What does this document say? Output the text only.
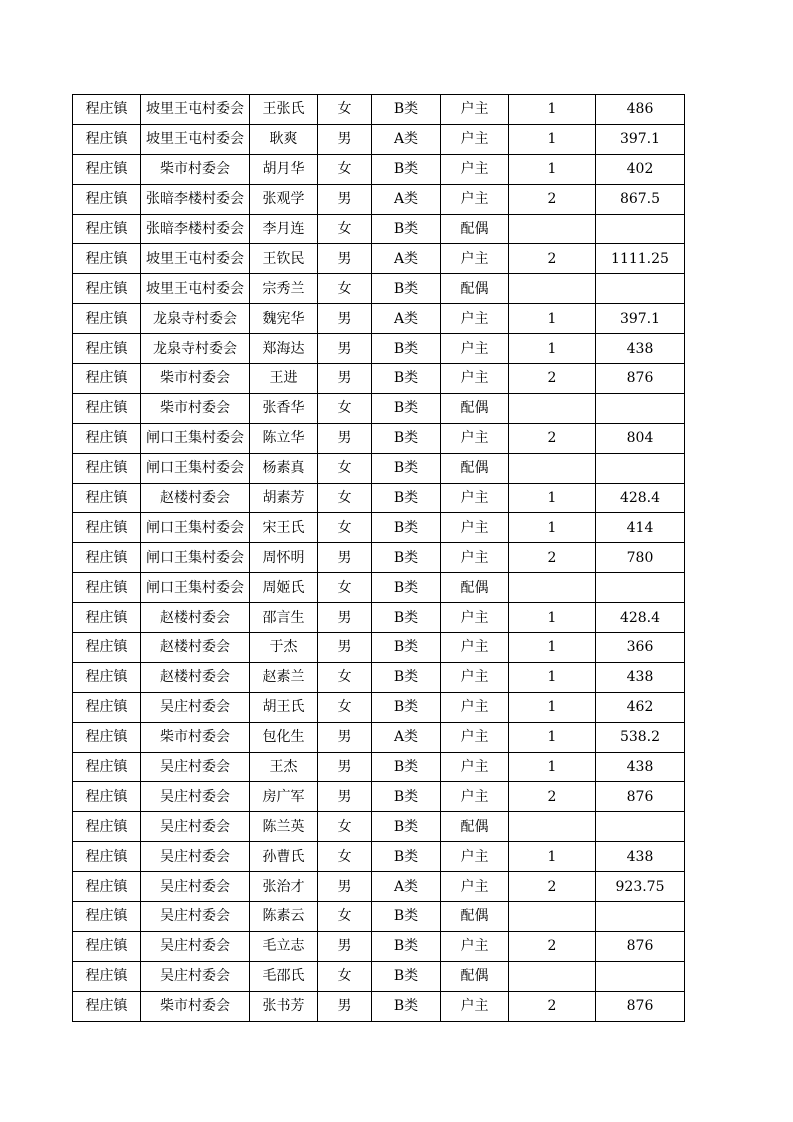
程庄镇	坡里王屯村委会	王张氏	女	B类	户主	1	486
程庄镇	坡里王屯村委会	耿爽	男	A类	户主	1	397.1
程庄镇	柴市村委会	胡月华	女	B类	户主	1	402
程庄镇	张暗李楼村委会	张观学	男	A类	户主	2	867.5
程庄镇	张暗李楼村委会	李月连	女	B类	配偶		
程庄镇	坡里王屯村委会	王钦民	男	A类	户主	2	1111.25
程庄镇	坡里王屯村委会	宗秀兰	女	B类	配偶		
程庄镇	龙泉寺村委会	魏宪华	男	A类	户主	1	397.1
程庄镇	龙泉寺村委会	郑海达	男	B类	户主	1	438
程庄镇	柴市村委会	王进	男	B类	户主	2	876
程庄镇	柴市村委会	张香华	女	B类	配偶		
程庄镇	闸口王集村委会	陈立华	男	B类	户主	2	804
程庄镇	闸口王集村委会	杨素真	女	B类	配偶		
程庄镇	赵楼村委会	胡素芳	女	B类	户主	1	428.4
程庄镇	闸口王集村委会	宋王氏	女	B类	户主	1	414
程庄镇	闸口王集村委会	周怀明	男	B类	户主	2	780
程庄镇	闸口王集村委会	周姬氏	女	B类	配偶		
程庄镇	赵楼村委会	邵言生	男	B类	户主	1	428.4
程庄镇	赵楼村委会	于杰	男	B类	户主	1	366
程庄镇	赵楼村委会	赵素兰	女	B类	户主	1	438
程庄镇	吴庄村委会	胡王氏	女	B类	户主	1	462
程庄镇	柴市村委会	包化生	男	A类	户主	1	538.2
程庄镇	吴庄村委会	王杰	男	B类	户主	1	438
程庄镇	吴庄村委会	房广军	男	B类	户主	2	876
程庄镇	吴庄村委会	陈兰英	女	B类	配偶		
程庄镇	吴庄村委会	孙曹氏	女	B类	户主	1	438
程庄镇	吴庄村委会	张治才	男	A类	户主	2	923.75
程庄镇	吴庄村委会	陈素云	女	B类	配偶		
程庄镇	吴庄村委会	毛立志	男	B类	户主	2	876
程庄镇	吴庄村委会	毛邵氏	女	B类	配偶		
程庄镇	柴市村委会	张书芳	男	B类	户主	2	876
